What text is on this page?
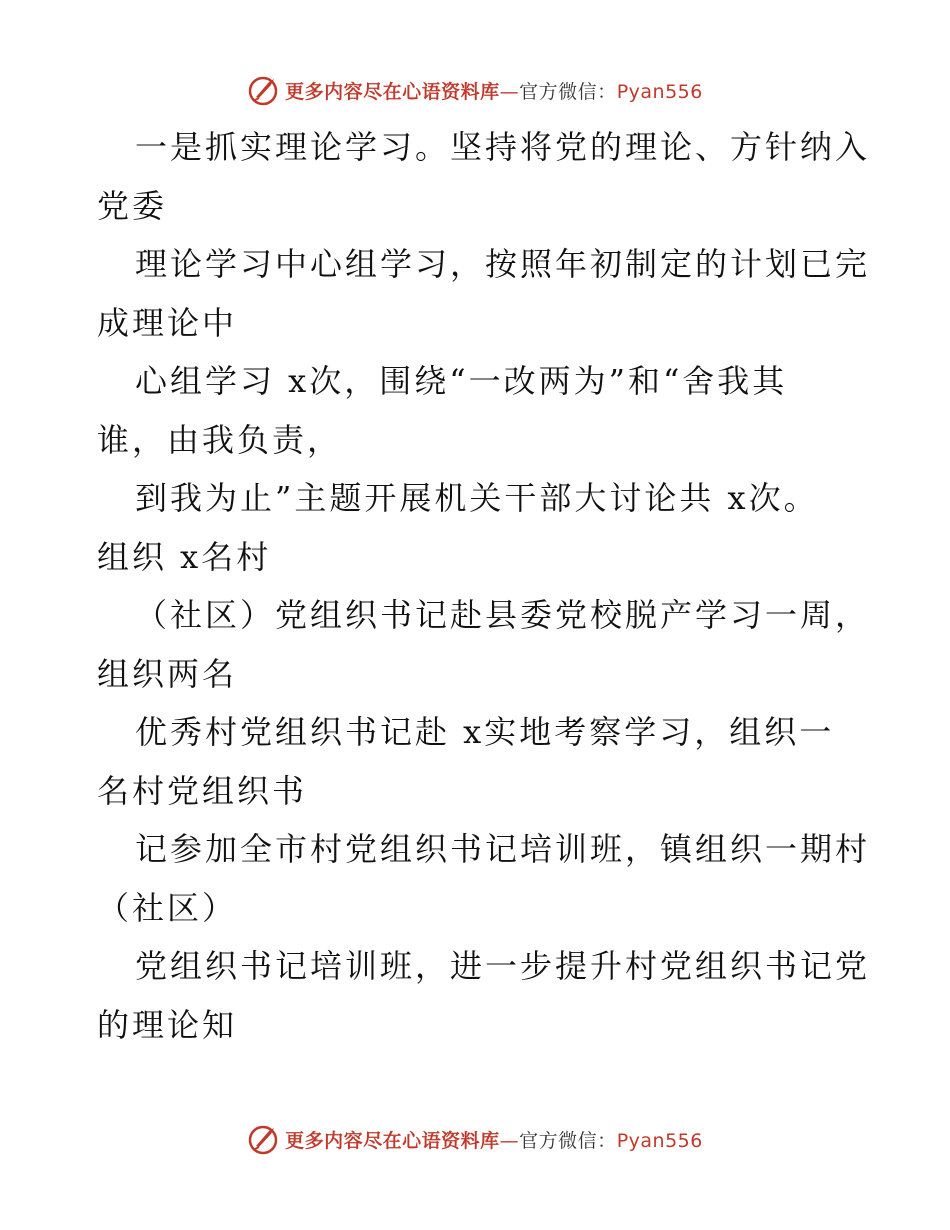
更多内容尽在心语资料库—官方微信：Pyan556
一是抓实理论学习。坚持将党的理论、方针纳入
党委
理论学习中心组学习，按照年初制定的计划已完
成理论中
心组学习 x次，围绕“一改两为”和“舍我其
谁，由我负责，
到我为止”主题开展机关干部大讨论共 x次。
组织 x名村
（社区）党组织书记赴县委党校脱产学习一周，
组织两名
优秀村党组织书记赴 x实地考察学习，组织一
名村党组织书
记参加全市村党组织书记培训班，镇组织一期村
（社区）
党组织书记培训班，进一步提升村党组织书记党
的理论知
更多内容尽在心语资料库—官方微信：Pyan556
